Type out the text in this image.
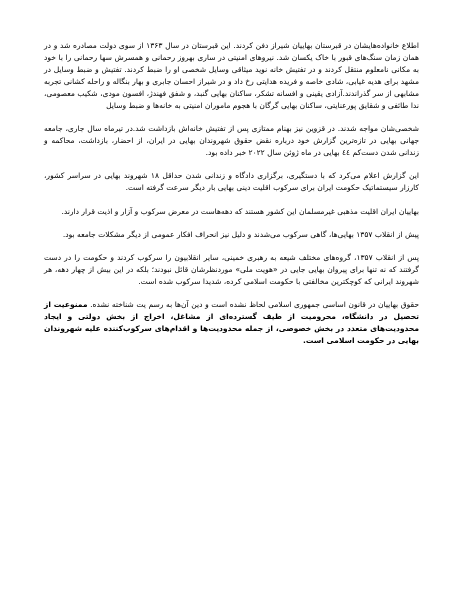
اطلاع خانواده‌هایشان در قبرستان بهاییان شیراز دفن کردند. این قبرستان در سال ۱۳۶۳ از سوی دولت مصادره شد و در همان زمان سنگ‌های قبور با خاک یکسان شد. نیروهای امنیتی در ساری بهروز رحمانی و همسرش سها رحمانی را با خود به مکانی نامعلوم منتقل کردند و در تفتیش خانه نوید میثاقی وسایل شخصی او را ضبط کردند. تفتیش و ضبط وسایل در مشهد برای هدیه غیابی، شادی خاصه و فریده هدایتی رخ داد و در شیراز احسان جابری و بهار بنگاله و راحله کشانی تجربه مشابهی از سر گذراندند.آزادی یقینی و افسانه تشکر، ساکنان بهایی گنبد، و شفق فهندژ، افسون مودی، شکیب معصومی، ندا طائفی و شقایق پورعنایتی، ساکنان بهایی گرگان با هجوم ماموران امنیتی به خانه‌ها و ضبط وسایل

شخصی‌شان مواجه شدند. در قزوین نیز بهنام ممتازی پس از تفتیش خانه‌اش بازداشت شد.در تیرماه سال جاری، جامعه جهانی بهایی در تازه‌ترین گزارش خود درباره نقض حقوق شهروندان بهایی در ایران، از احضار، بازداشت، محاکمه و زندانی شدن دست‌کم ٤٤ بهایی در ماه ژوئن سال ۲۰۲۲ خبر داده بود.

این گزارش اعلام می‌کرد که با دستگیری، برگزاری دادگاه و زندانی شدن حداقل ۱۸ شهروند بهایی در سراسر کشور، کارزار سیستماتیک حکومت ایران برای سرکوب اقلیت دینی بهایی بار دیگر سرعت گرفته است.

بهاییان ایران اقلیت مذهبی غیرمسلمان این کشور هستند که دهه‌هاست در معرض سرکوب و آزار و اذیت قرار دارند.

پیش از انقلاب ۱۳۵۷ بهایی‌ها، گاهی سرکوب می‌شدند و دلیل نیز انحراف افکار عمومی از دیگر مشکلات جامعه بود.

پس از انقلاب ۱۳۵۷، گروه‌های مختلف شیعه به رهبری خمینی، سایر انقلابیون را سرکوب کردند و حکومت را در دست گرفتند که نه تنها برای پیروان بهایی جایی در «هویت ملی» موردنظرشان قائل نبودند؛ بلکه در این بیش از چهار دهه، هر شهروند ایرانی که کوچکترین مخالفتی با حکومت اسلامی کرده، شدیدا سرکوب شده است.

حقوق بهاییان در قانون اساسی جمهوری اسلامی لحاظ نشده است و دین آن‌ها به رسم یت شناخته نشده. ممنوعیت از تحصیل در دانشگاه، محرومیت از طیف گسترده‌ای از مشاغل، اخراج از بخش دولتی و ایجاد محدودیت‌های متعدد در بخش خصوصی، از جمله محدودیت‌ها و اقدام‌های سرکوب‌کننده علیه شهروندان بهایی در حکومت اسلامی است.
